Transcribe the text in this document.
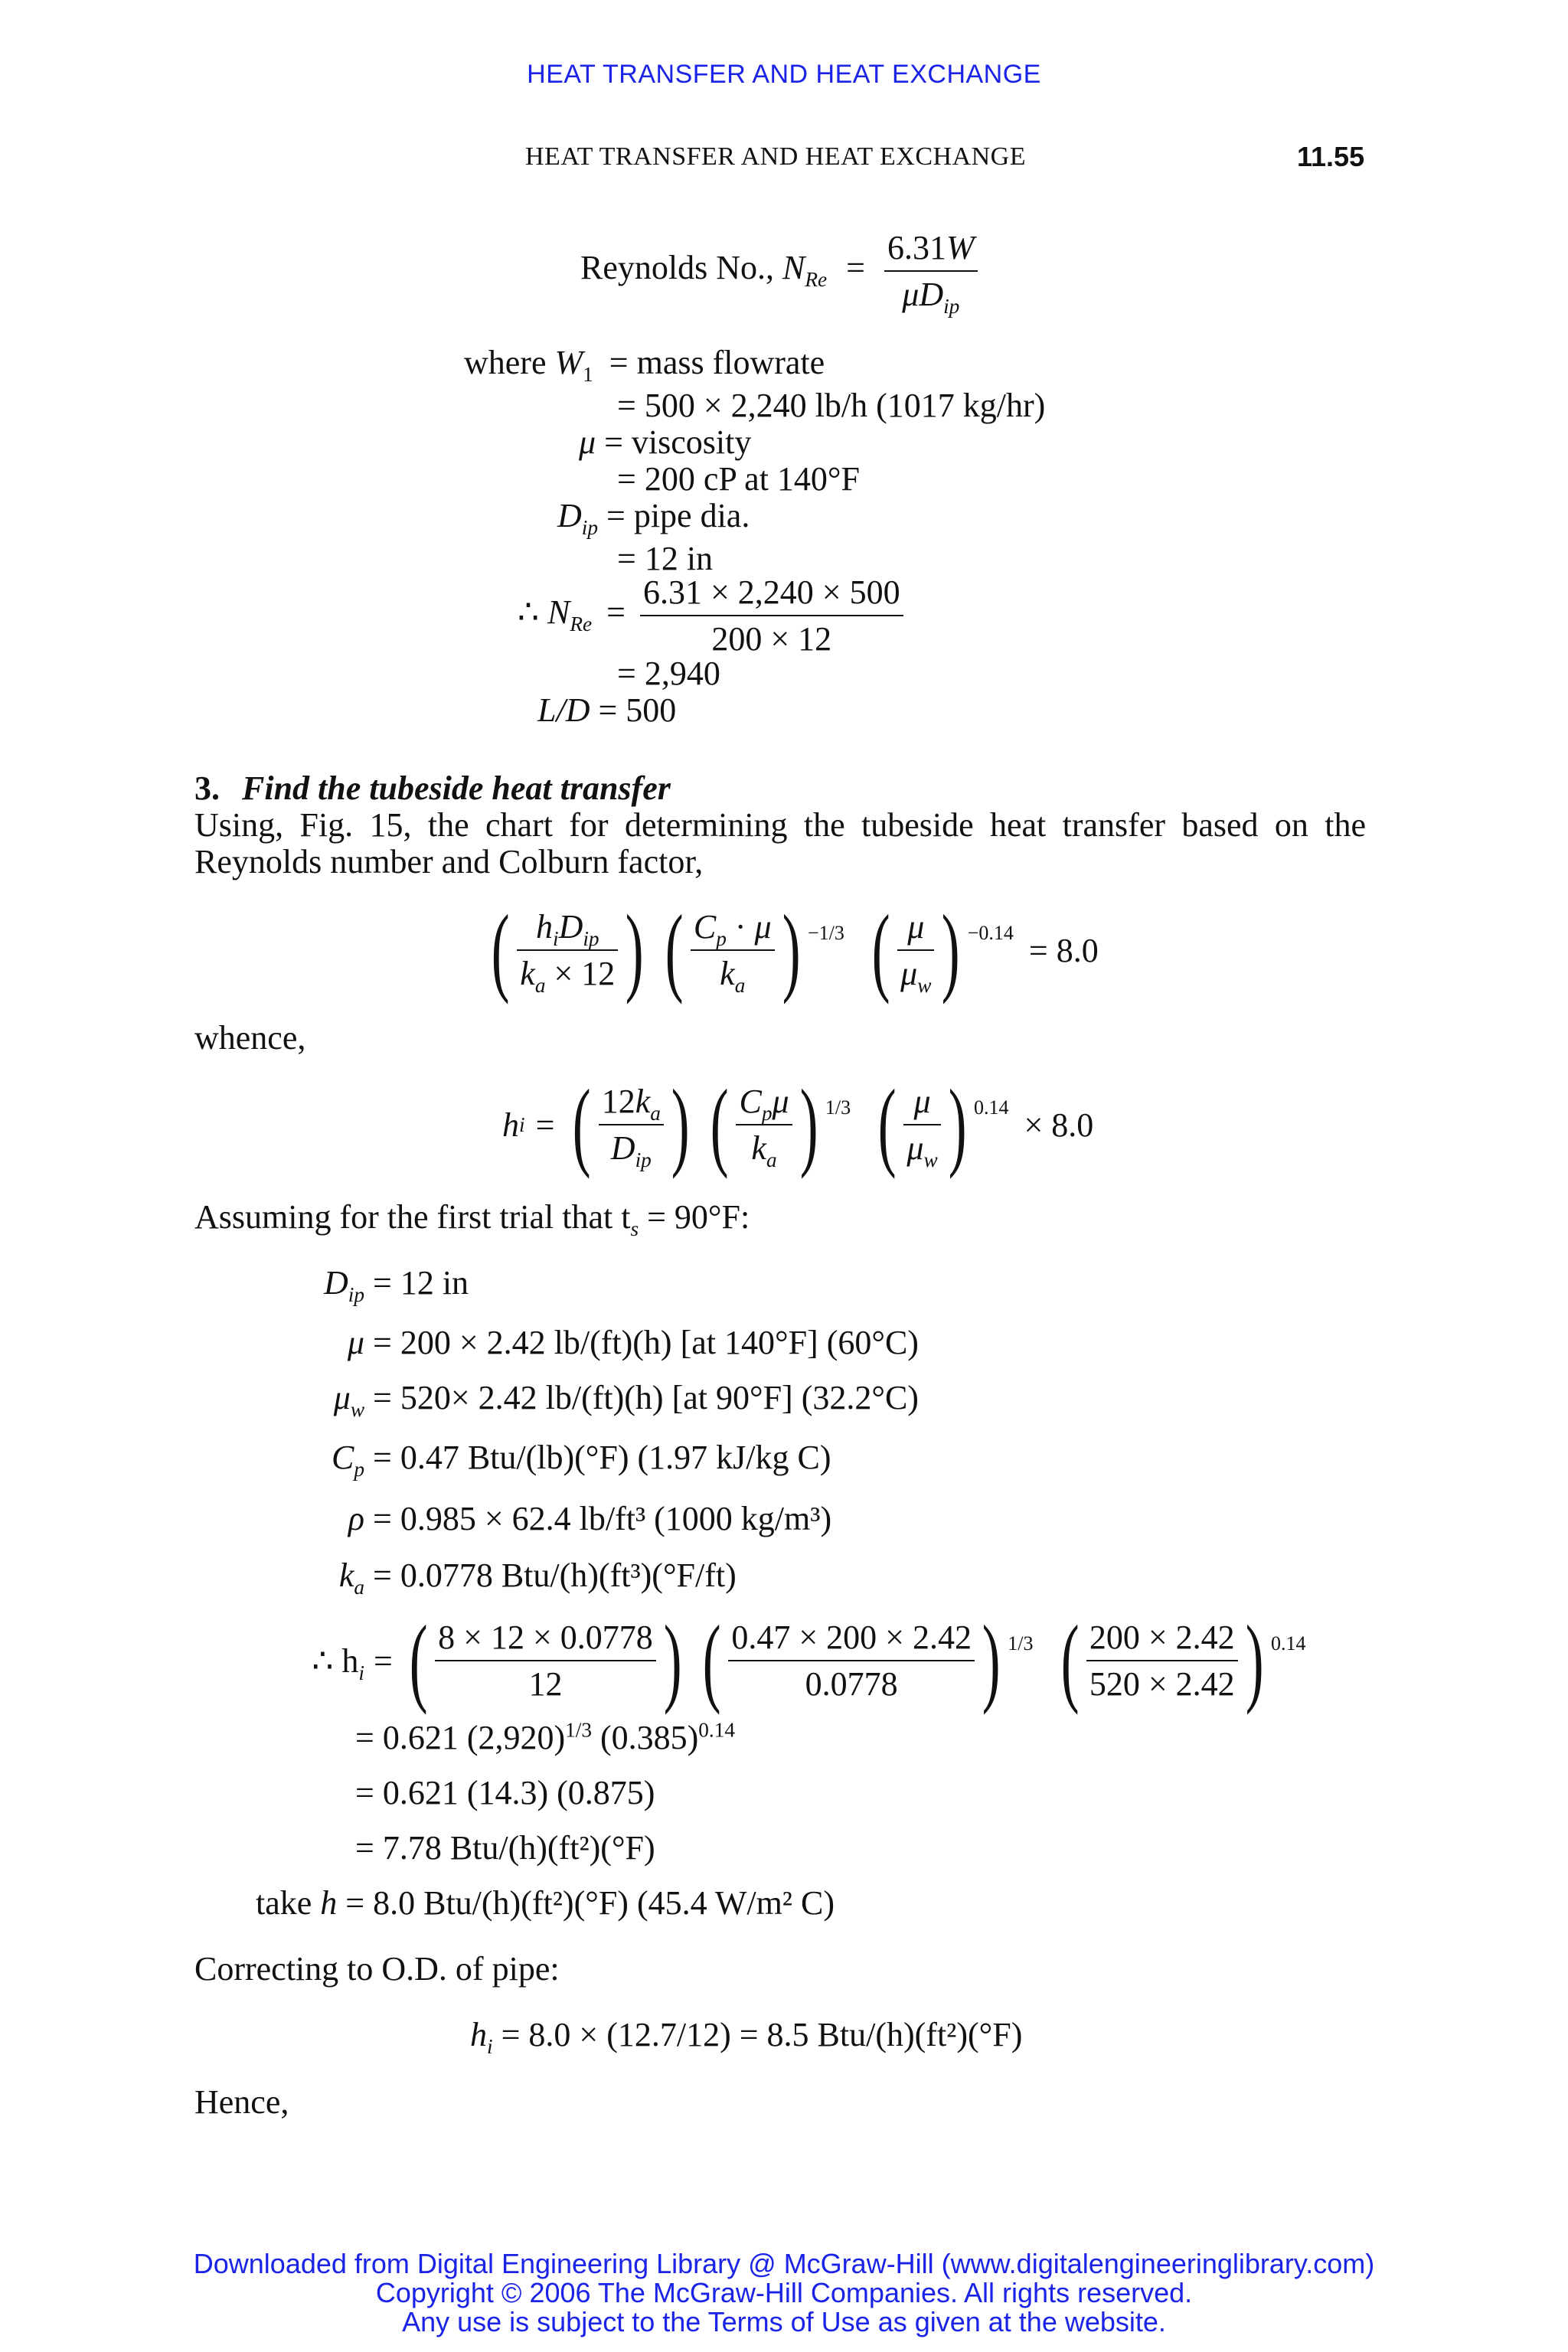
HEAT TRANSFER AND HEAT EXCHANGE
HEAT TRANSFER AND HEAT EXCHANGE	11.55
Reynolds No., $N_{Re} = \frac{6.31W}{\mu D_{ip}}$
where $W_1$ = mass flowrate
= 500 × 2,240 lb/h (1017 kg/hr)
μ = viscosity
= 200 cP at 140°F
$D_{ip}$ = pipe dia.
= 12 in
∴ $N_{Re} = \frac{6.31 \times 2,240 \times 500}{200 \times 12}$
= 2,940
L/D = 500
3. Find the tubeside heat transfer
Using, Fig. 15, the chart for determining the tubeside heat transfer based on the Reynolds number and Colburn factor,
( $\frac{h_iD_{ip}}{k_a \times 12}$ ) ( $\frac{C_p \cdot \mu}{k_a}$ ) −1/3 ( $\frac{\mu}{\mu_w}$ ) −0.14 = 8.0
whence,
h i = ( $\frac{12k_a}{D_{ip}}$ ) ( $\frac{C_p\mu}{k_a}$ ) 1/3 ( $\frac{\mu}{\mu_w}$ ) 0.14 × 8.0
Assuming for the first trial that $t_s = 90^\circ F$:
$D_{ip} = 12$ in
μ = 200 × 2.42 lb/(ft)(h) [at 140°F] (60°C)
$\mu_w = 520\times 2.42$ lb/(ft)(h) [at 90°F] (32.2°C)
$C_p = 0.47$ Btu/(lb)(°F) (1.97 kJ/kg C)
ρ = 0.985 × 62.4 lb/ft³ (1000 kg/m³)
$k_a = 0.0778$ Btu/(h)(ft³)(°F/ft)
∴ $h_i$ = ( $\frac{8 \times 12 \times 0.0778}{12}$ ) ( $\frac{0.47 \times 200 \times 2.42}{0.0778}$ ) 1/3 ( $\frac{200 \times 2.42}{520 \times 2.42}$ ) 0.14
= 0.621 $(2,920)^{1/3}$ $(0.385)^{0.14}$
= 0.621 (14.3) (0.875)
= 7.78 Btu/(h)(ft²)(°F)
take h = 8.0 Btu/(h)(ft²)(°F) (45.4 W/m² C)
Correcting to O.D. of pipe:
$h_i = 8.0 \times (12.7/12) = 8.5$ Btu/(h)(ft²)(°F)
Hence,
Downloaded from Digital Engineering Library @ McGraw-Hill (www.digitalengineeringlibrary.com)
Copyright © 2006 The McGraw-Hill Companies. All rights reserved.
Any use is subject to the Terms of Use as given at the website.
